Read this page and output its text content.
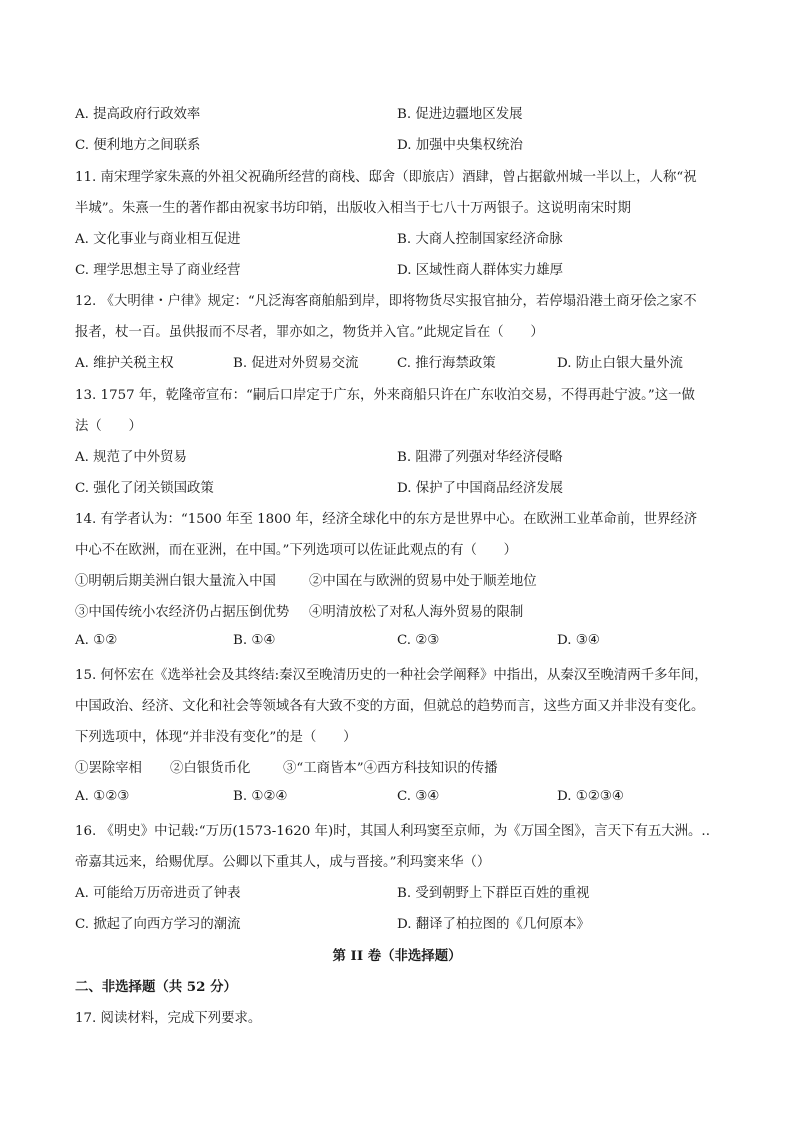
A. 提高政府行政效率	B. 促进边疆地区发展
C. 便利地方之间联系	D. 加强中央集权统治
11. 南宋理学家朱熹的外祖父祝确所经营的商栈、邸舍（即旅店）酒肆，曾占据歙州城一半以上，人称“祝
半城”。朱熹一生的著作都由祝家书坊印销，出版收入相当于七八十万两银子。这说明南宋时期
A. 文化事业与商业相互促进	B. 大商人控制国家经济命脉
C. 理学思想主导了商业经营	D. 区域性商人群体实力雄厚
12. 《大明律・户律》规定：“凡泛海客商舶船到岸，即将物货尽实报官抽分，若停塌沿港土商牙侩之家不
报者，杖一百。虽供报而不尽者，罪亦如之，物货并入官。”此规定旨在（　　）
A. 维护关税主权	B. 促进对外贸易交流	C. 推行海禁政策	D. 防止白银大量外流
13. 1757 年，乾隆帝宣布：“嗣后口岸定于广东，外来商船只许在广东收泊交易，不得再赴宁波。”这一做
法（　　）
A. 规范了中外贸易	B. 阻滞了列强对华经济侵略
C. 强化了闭关锁国政策	D. 保护了中国商品经济发展
14. 有学者认为：“1500 年至 1800 年，经济全球化中的东方是世界中心。在欧洲工业革命前，世界经济
中心不在欧洲，而在亚洲，在中国。”下列选项可以佐证此观点的有（　　）
①明朝后期美洲白银大量流入中国 ②中国在与欧洲的贸易中处于顺差地位
③中国传统小农经济仍占据压倒优势 ④明清放松了对私人海外贸易的限制
A. ①②	B. ①④	C. ②③	D. ③④
15. 何怀宏在《选举社会及其终结:秦汉至晚清历史的一种社会学阐释》中指出，从秦汉至晚清两千多年间，
中国政治、经济、文化和社会等领域各有大致不变的方面，但就总的趋势而言，这些方面又并非没有变化。
下列选项中，体现“并非没有变化”的是（　　）
①罢除宰相 ②白银货币化 ③“工商皆本”④西方科技知识的传播
A. ①②③	B. ①②④	C. ③④	D. ①②③④
16. 《明史》中记载:“万历(1573-1620 年)时，其国人利玛窦至京师，为《万国全图》，言天下有五大洲。..
帝嘉其远来，给赐优厚。公卿以下重其人，成与晋接。”利玛窦来华（）
A. 可能给万历帝进贡了钟表	B. 受到朝野上下群臣百姓的重视
C. 掀起了向西方学习的潮流	D. 翻译了柏拉图的《几何原本》
第 II 卷（非选择题）
二、非选择题（共 52 分）
17. 阅读材料，完成下列要求。
